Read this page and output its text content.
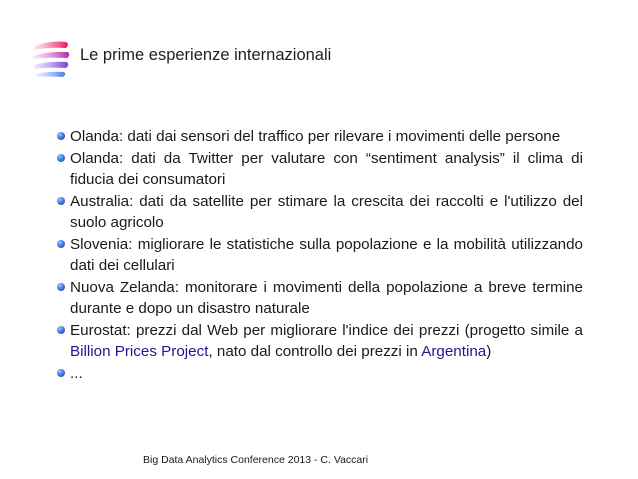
Le prime esperienze internazionali
Olanda: dati dai sensori del traffico per rilevare i movimenti delle persone
Olanda: dati da Twitter per valutare con “sentiment analysis” il clima di fiducia dei consumatori
Australia: dati da satellite per stimare la crescita dei raccolti e l'utilizzo del suolo agricolo
Slovenia: migliorare le statistiche sulla popolazione e la mobilità utilizzando dati dei cellulari
Nuova Zelanda: monitorare i movimenti della popolazione a breve termine durante e dopo un disastro naturale
Eurostat: prezzi dal Web per migliorare l'indice dei prezzi (progetto simile a Billion Prices Project, nato dal controllo dei prezzi in Argentina)
...
Big Data Analytics Conference 2013 - C. Vaccari
